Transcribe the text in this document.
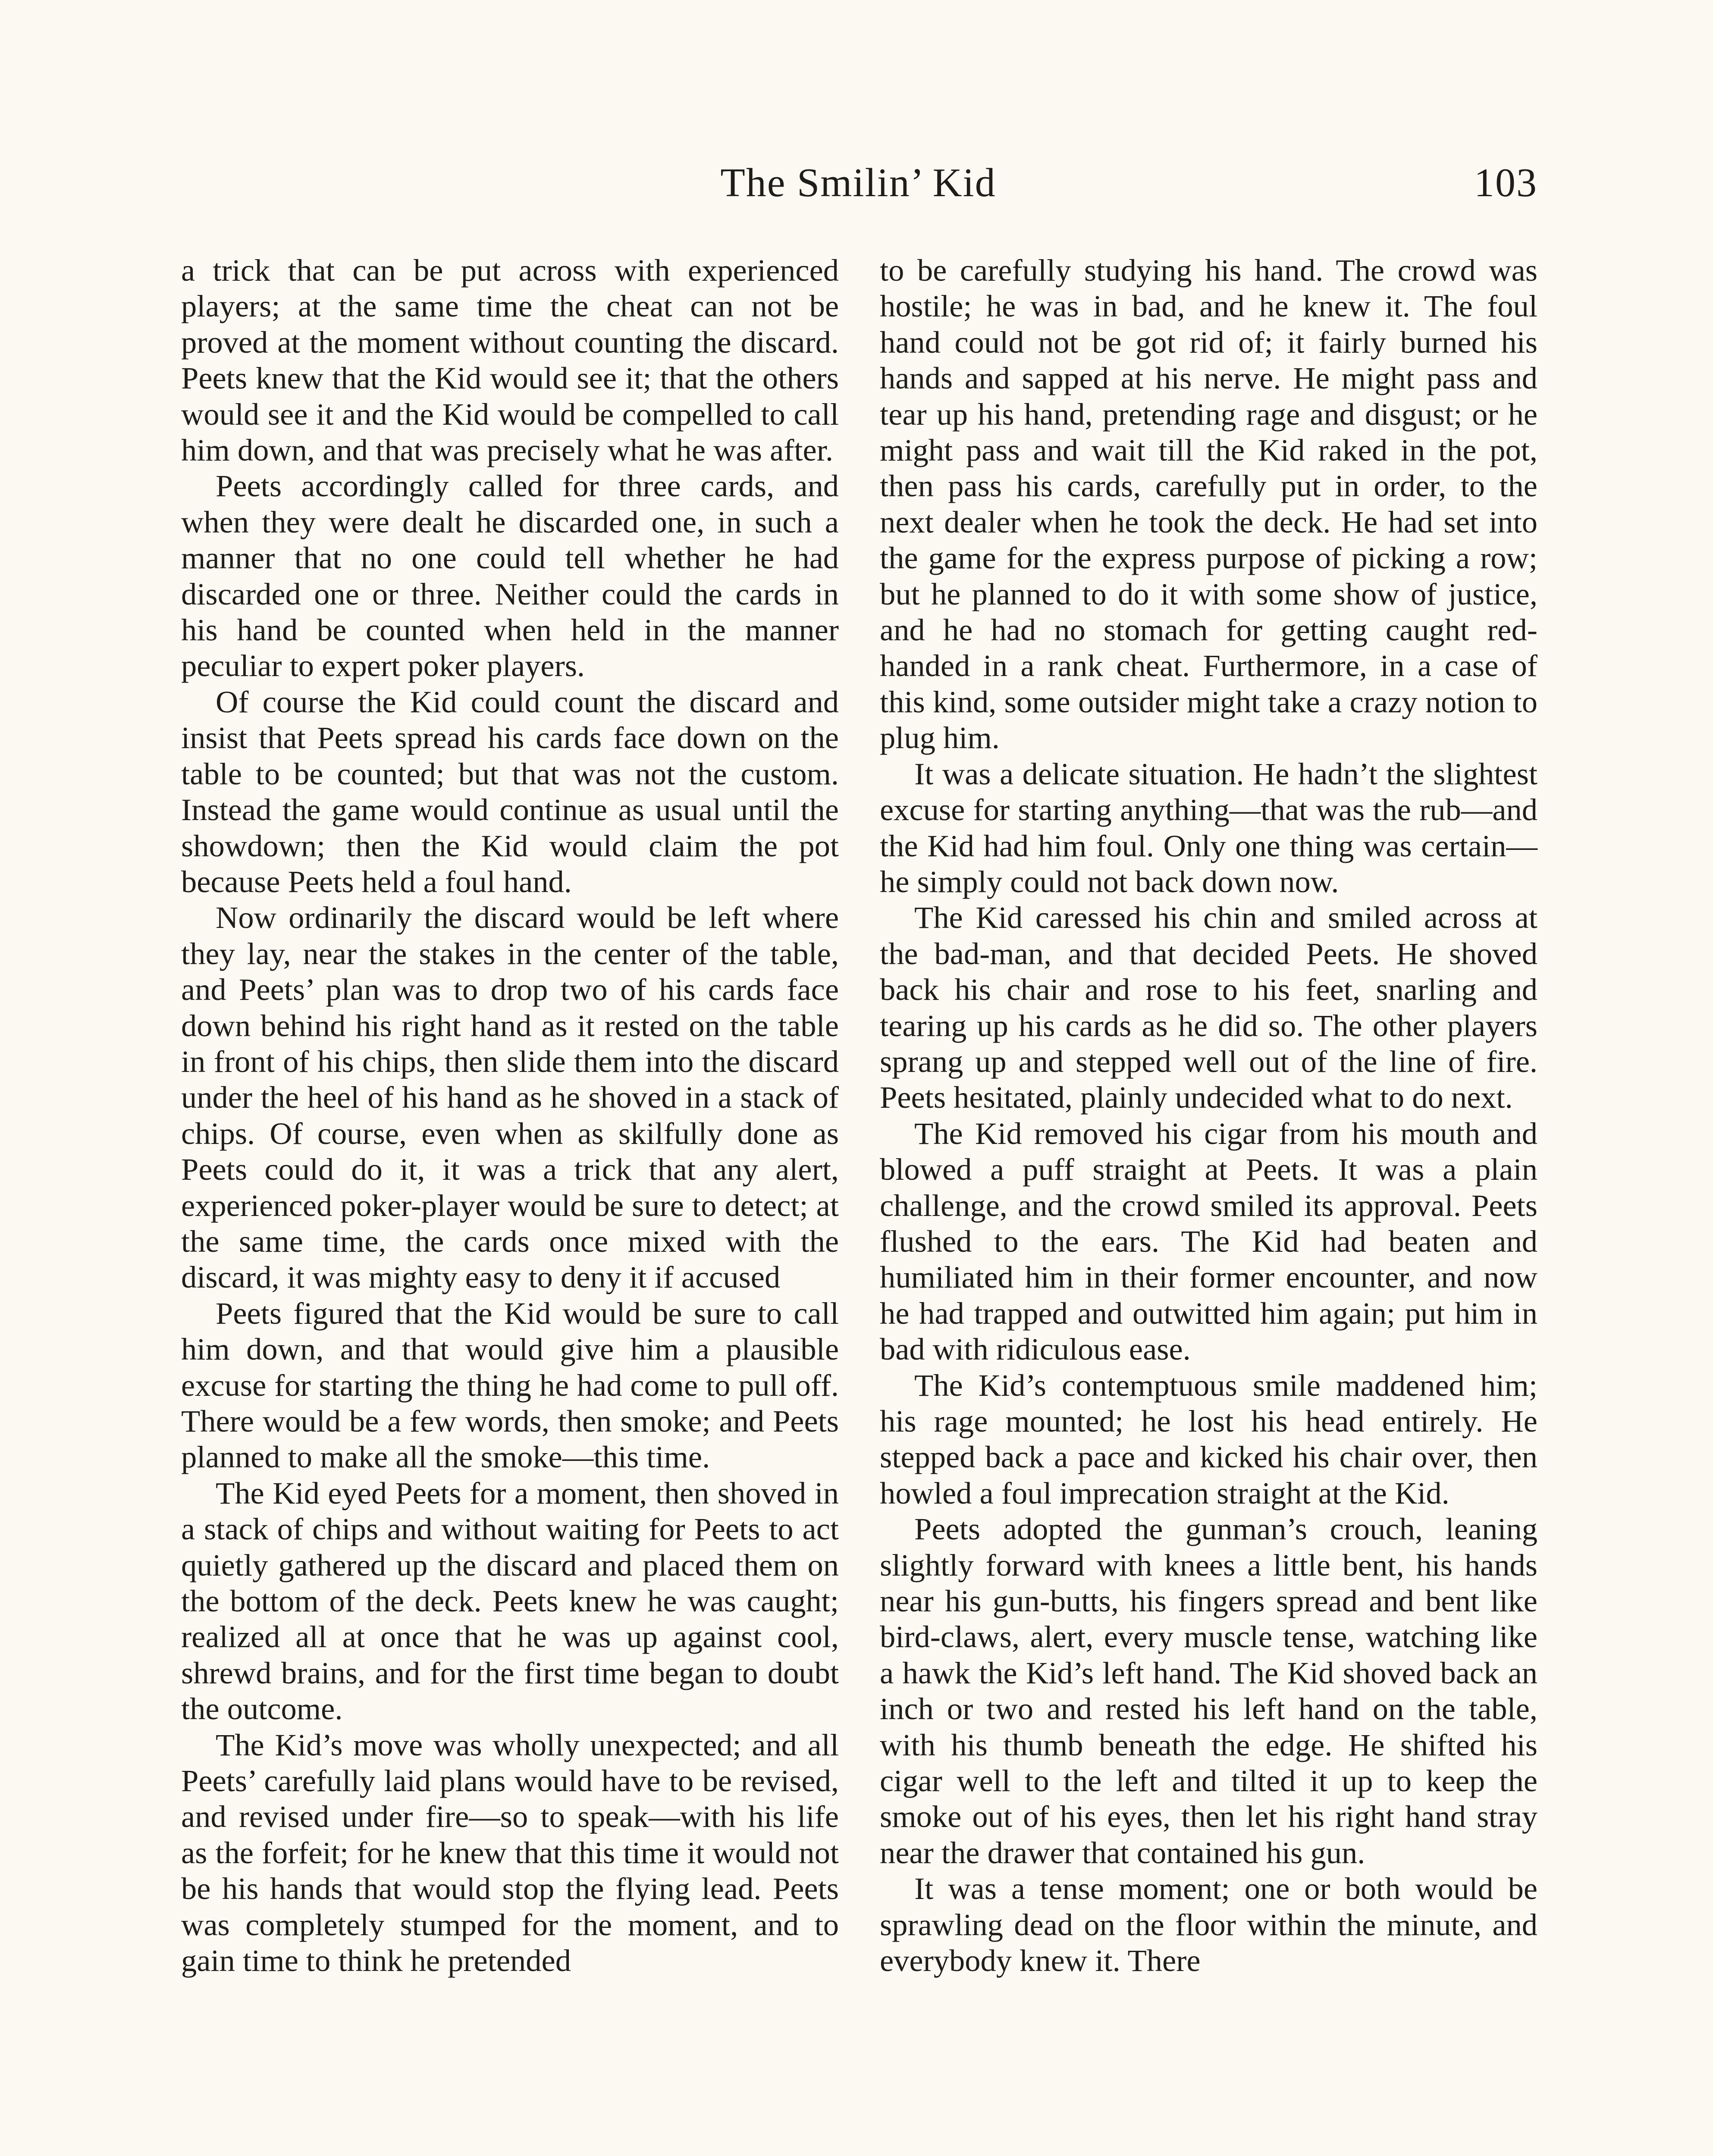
The Smilin’ Kid	103

a trick that can be put across with experienced players; at the same time the cheat can not be proved at the moment without counting the discard. Peets knew that the Kid would see it; that the others would see it and the Kid would be compelled to call him down, and that was precisely what he was after.

Peets accordingly called for three cards, and when they were dealt he discarded one, in such a manner that no one could tell whether he had discarded one or three. Neither could the cards in his hand be counted when held in the manner peculiar to expert poker players.

Of course the Kid could count the discard and insist that Peets spread his cards face down on the table to be counted; but that was not the custom. Instead the game would continue as usual until the showdown; then the Kid would claim the pot because Peets held a foul hand.

Now ordinarily the discard would be left where they lay, near the stakes in the center of the table, and Peets’ plan was to drop two of his cards face down behind his right hand as it rested on the table in front of his chips, then slide them into the discard under the heel of his hand as he shoved in a stack of chips. Of course, even when as skilfully done as Peets could do it, it was a trick that any alert, experienced poker-player would be sure to detect; at the same time, the cards once mixed with the discard, it was mighty easy to deny it if accused

Peets figured that the Kid would be sure to call him down, and that would give him a plausible excuse for starting the thing he had come to pull off. There would be a few words, then smoke; and Peets planned to make all the smoke—this time.

The Kid eyed Peets for a moment, then shoved in a stack of chips and without waiting for Peets to act quietly gathered up the discard and placed them on the bottom of the deck. Peets knew he was caught; realized all at once that he was up against cool, shrewd brains, and for the first time began to doubt the outcome.

The Kid’s move was wholly unexpected; and all Peets’ carefully laid plans would have to be revised, and revised under fire—so to speak—with his life as the forfeit; for he knew that this time it would not be his hands that would stop the flying lead. Peets was completely stumped for the moment, and to gain time to think he pretended

to be carefully studying his hand. The crowd was hostile; he was in bad, and he knew it. The foul hand could not be got rid of; it fairly burned his hands and sapped at his nerve. He might pass and tear up his hand, pretending rage and disgust; or he might pass and wait till the Kid raked in the pot, then pass his cards, carefully put in order, to the next dealer when he took the deck. He had set into the game for the express purpose of picking a row; but he planned to do it with some show of justice, and he had no stomach for getting caught red-handed in a rank cheat. Furthermore, in a case of this kind, some outsider might take a crazy notion to plug him.

It was a delicate situation. He hadn’t the slightest excuse for starting anything—that was the rub—and the Kid had him foul. Only one thing was certain—he simply could not back down now.

The Kid caressed his chin and smiled across at the bad-man, and that decided Peets. He shoved back his chair and rose to his feet, snarling and tearing up his cards as he did so. The other players sprang up and stepped well out of the line of fire. Peets hesitated, plainly undecided what to do next.

The Kid removed his cigar from his mouth and blowed a puff straight at Peets. It was a plain challenge, and the crowd smiled its approval. Peets flushed to the ears. The Kid had beaten and humiliated him in their former encounter, and now he had trapped and outwitted him again; put him in bad with ridiculous ease.

The Kid’s contemptuous smile maddened him; his rage mounted; he lost his head entirely. He stepped back a pace and kicked his chair over, then howled a foul imprecation straight at the Kid.

Peets adopted the gunman’s crouch, leaning slightly forward with knees a little bent, his hands near his gun-butts, his fingers spread and bent like bird-claws, alert, every muscle tense, watching like a hawk the Kid’s left hand. The Kid shoved back an inch or two and rested his left hand on the table, with his thumb beneath the edge. He shifted his cigar well to the left and tilted it up to keep the smoke out of his eyes, then let his right hand stray near the drawer that contained his gun.

It was a tense moment; one or both would be sprawling dead on the floor within the minute, and everybody knew it. There
